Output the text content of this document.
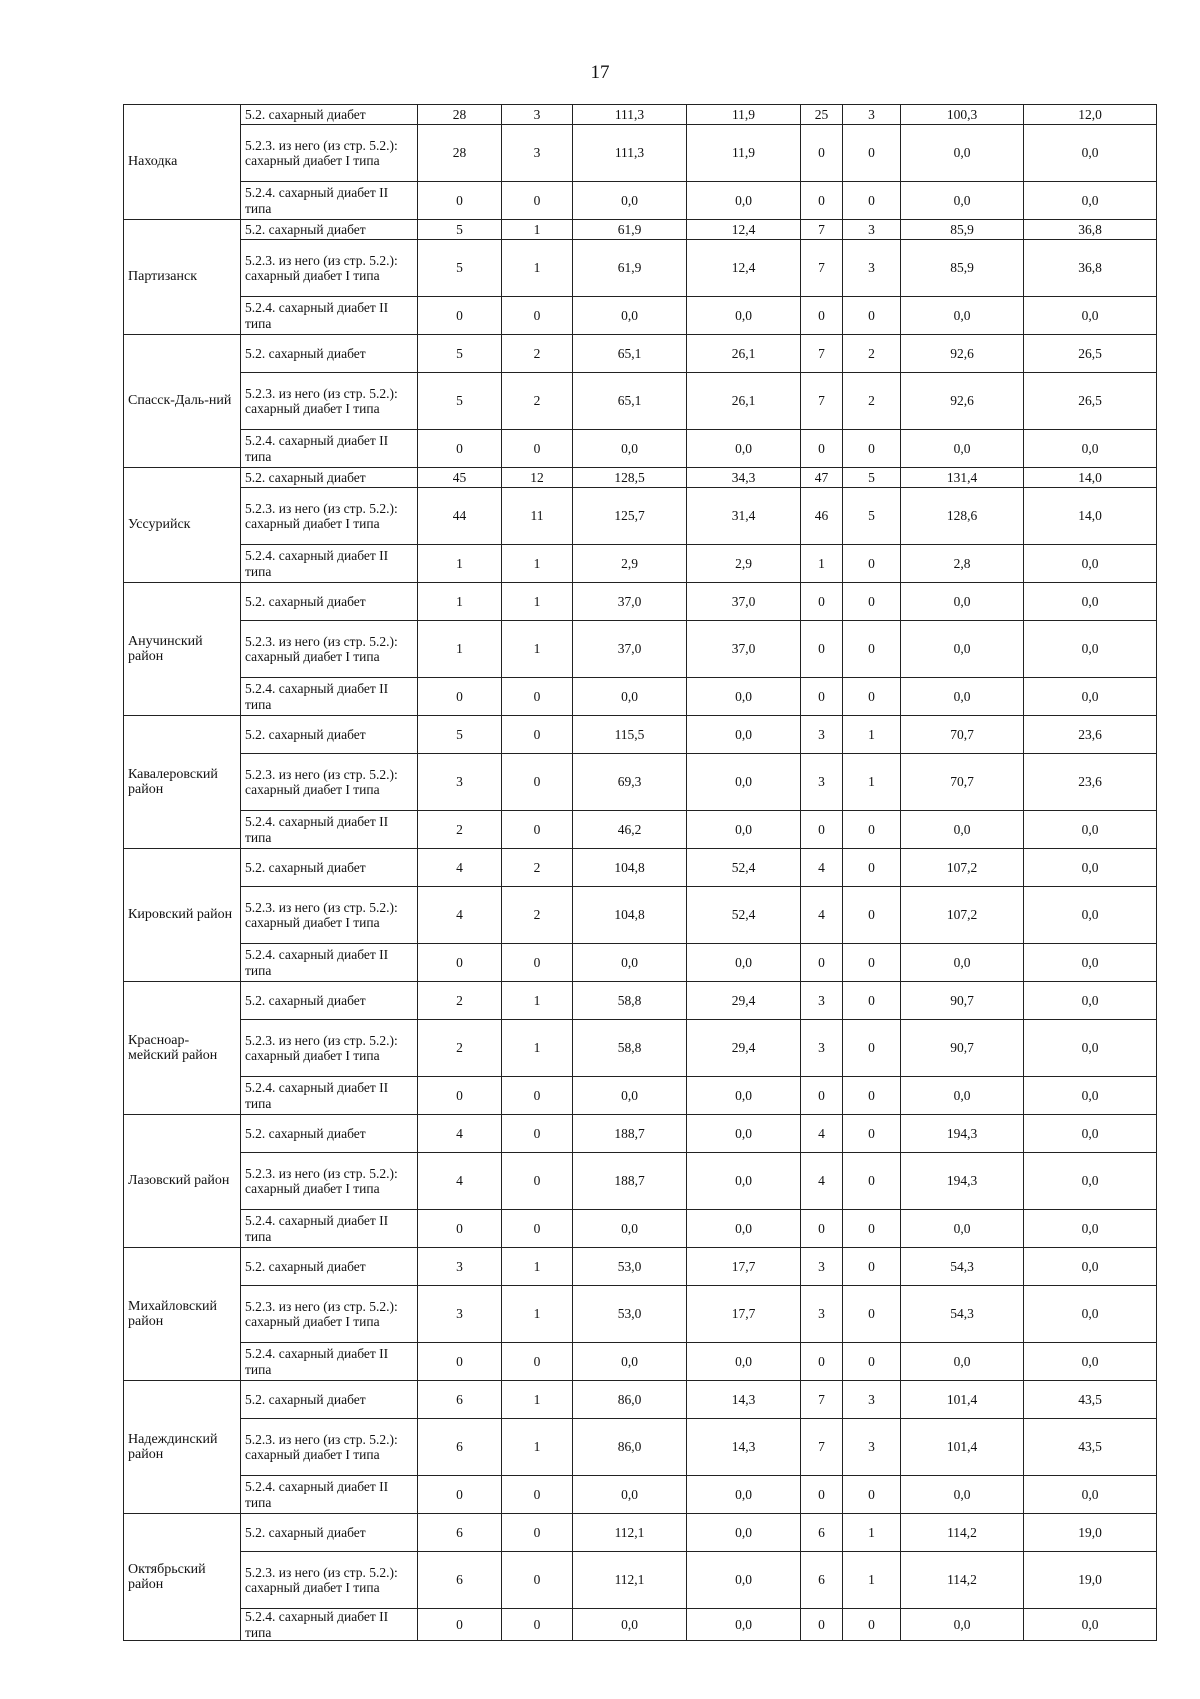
17
Находка	5.2. сахарный диабет	28	3	111,3	11,9	25	3	100,3	12,0
	5.2.3. из него (из стр. 5.2.): сахарный диабет I типа	28	3	111,3	11,9	0	0	0,0	0,0
	5.2.4. сахарный диабет II типа	0	0	0,0	0,0	0	0	0,0	0,0
Партизанск	5.2. сахарный диабет	5	1	61,9	12,4	7	3	85,9	36,8
	5.2.3. из него (из стр. 5.2.): сахарный диабет I типа	5	1	61,9	12,4	7	3	85,9	36,8
	5.2.4. сахарный диабет II типа	0	0	0,0	0,0	0	0	0,0	0,0
Спасск-Даль-ний	5.2. сахарный диабет	5	2	65,1	26,1	7	2	92,6	26,5
	5.2.3. из него (из стр. 5.2.): сахарный диабет I типа	5	2	65,1	26,1	7	2	92,6	26,5
	5.2.4. сахарный диабет II типа	0	0	0,0	0,0	0	0	0,0	0,0
Уссурийск	5.2. сахарный диабет	45	12	128,5	34,3	47	5	131,4	14,0
	5.2.3. из него (из стр. 5.2.): сахарный диабет I типа	44	11	125,7	31,4	46	5	128,6	14,0
	5.2.4. сахарный диабет II типа	1	1	2,9	2,9	1	0	2,8	0,0
Анучинский район	5.2. сахарный диабет	1	1	37,0	37,0	0	0	0,0	0,0
	5.2.3. из него (из стр. 5.2.): сахарный диабет I типа	1	1	37,0	37,0	0	0	0,0	0,0
	5.2.4. сахарный диабет II типа	0	0	0,0	0,0	0	0	0,0	0,0
Кавалеровский район	5.2. сахарный диабет	5	0	115,5	0,0	3	1	70,7	23,6
	5.2.3. из него (из стр. 5.2.): сахарный диабет I типа	3	0	69,3	0,0	3	1	70,7	23,6
	5.2.4. сахарный диабет II типа	2	0	46,2	0,0	0	0	0,0	0,0
Кировский район	5.2. сахарный диабет	4	2	104,8	52,4	4	0	107,2	0,0
	5.2.3. из него (из стр. 5.2.): сахарный диабет I типа	4	2	104,8	52,4	4	0	107,2	0,0
	5.2.4. сахарный диабет II типа	0	0	0,0	0,0	0	0	0,0	0,0
Красноар-мейский район	5.2. сахарный диабет	2	1	58,8	29,4	3	0	90,7	0,0
	5.2.3. из него (из стр. 5.2.): сахарный диабет I типа	2	1	58,8	29,4	3	0	90,7	0,0
	5.2.4. сахарный диабет II типа	0	0	0,0	0,0	0	0	0,0	0,0
Лазовский район	5.2. сахарный диабет	4	0	188,7	0,0	4	0	194,3	0,0
	5.2.3. из него (из стр. 5.2.): сахарный диабет I типа	4	0	188,7	0,0	4	0	194,3	0,0
	5.2.4. сахарный диабет II типа	0	0	0,0	0,0	0	0	0,0	0,0
Михайловский район	5.2. сахарный диабет	3	1	53,0	17,7	3	0	54,3	0,0
	5.2.3. из него (из стр. 5.2.): сахарный диабет I типа	3	1	53,0	17,7	3	0	54,3	0,0
	5.2.4. сахарный диабет II типа	0	0	0,0	0,0	0	0	0,0	0,0
Надеждинский район	5.2. сахарный диабет	6	1	86,0	14,3	7	3	101,4	43,5
	5.2.3. из него (из стр. 5.2.): сахарный диабет I типа	6	1	86,0	14,3	7	3	101,4	43,5
	5.2.4. сахарный диабет II типа	0	0	0,0	0,0	0	0	0,0	0,0
Октябрьский район	5.2. сахарный диабет	6	0	112,1	0,0	6	1	114,2	19,0
	5.2.3. из него (из стр. 5.2.): сахарный диабет I типа	6	0	112,1	0,0	6	1	114,2	19,0
	5.2.4. сахарный диабет II типа	0	0	0,0	0,0	0	0	0,0	0,0
